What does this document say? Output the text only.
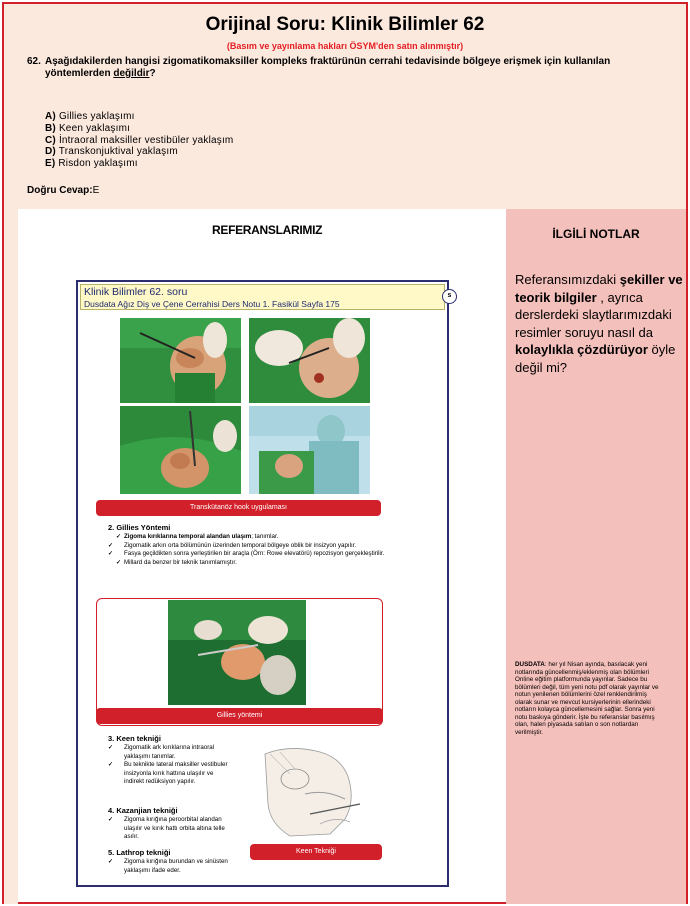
Orijinal Soru: Klinik Bilimler 62
(Basım ve yayınlama hakları ÖSYM'den satın alınmıştır)
62. Aşağıdakilerden hangisi zigomatikomaksiller kompleks fraktürünün cerrahi tedavisinde bölgeye erişmek için kullanılan yöntemlerden değildir?
A) Gillies yaklaşımı
B) Keen yaklaşımı
C) İntraoral maksiller vestibüler yaklaşım
D) Transkonjuktival yaklaşım
E) Risdon yaklaşımı
Doğru Cevap:E
REFERANSLARIMIZ	İLGİLİ NOTLAR
Referansımızdaki şekiller ve teorik bilgiler , ayrıca derslerdeki slaytlarımızdaki resimler soruyu nasıl da kolaylıkla çözdürüyor öyle değil mi?
DUSDATA: her yıl Nisan ayında, basılacak yeni notlarında güncellenmiş/eklenmiş olan bölümleri Online eğitim platformunda yayınlar. Sadece bu bölümleri değil, tüm yeni notu pdf olarak yayınlar ve notun yenilenen bölümlerini özel renklendirilmiş olarak sunar ve mevcut kursiyerlerinin ellerindeki notların kolayca güncellemesini sağlar. Sonra yeni notu baskıya gönderir. İşte bu referanslar basılmış olan, halen piyasada satılan o son notlardan verilmiştir.
Klinik Bilimler 62. soru
Dusdata Ağız Diş ve Çene Cerrahisi Ders Notu 1. Fasikül Sayfa 175
Transkütanöz hook uygulaması
2. Gillies Yöntemi
✓ Zigoma kırıklarına temporal alandan ulaşım; tanımlar.
✓ Zigomatik arkın orta bölümünün üzerinden temporal bölgeye oblik bir insizyon yapılır.
✓ Fasya geçildikten sonra yerleştirilen bir araçla (Örn: Rowe elevatörü) repozisyon gerçekleştirilir.
✓ Millard da benzer bir teknik tanımlamıştır.
Gillies yöntemi
3. Keen tekniği
✓ Zigomatik ark kırıklarına intraoral yaklaşımı tanımlar.
✓ Bu teknikte lateral maksiller vestibuler insizyonla kırık hattına ulaşılır ve indirekt redüksiyon yapılır.
4. Kazanjian tekniği
✓ Zigoma kırığına peroorbital alandan ulaşılır ve kırık hattı orbita altına telle asılır.
5. Lathrop tekniği
✓ Zigoma kırığına burundan ve sinüsten yaklaşımı ifade eder.
Keen Tekniği
s
